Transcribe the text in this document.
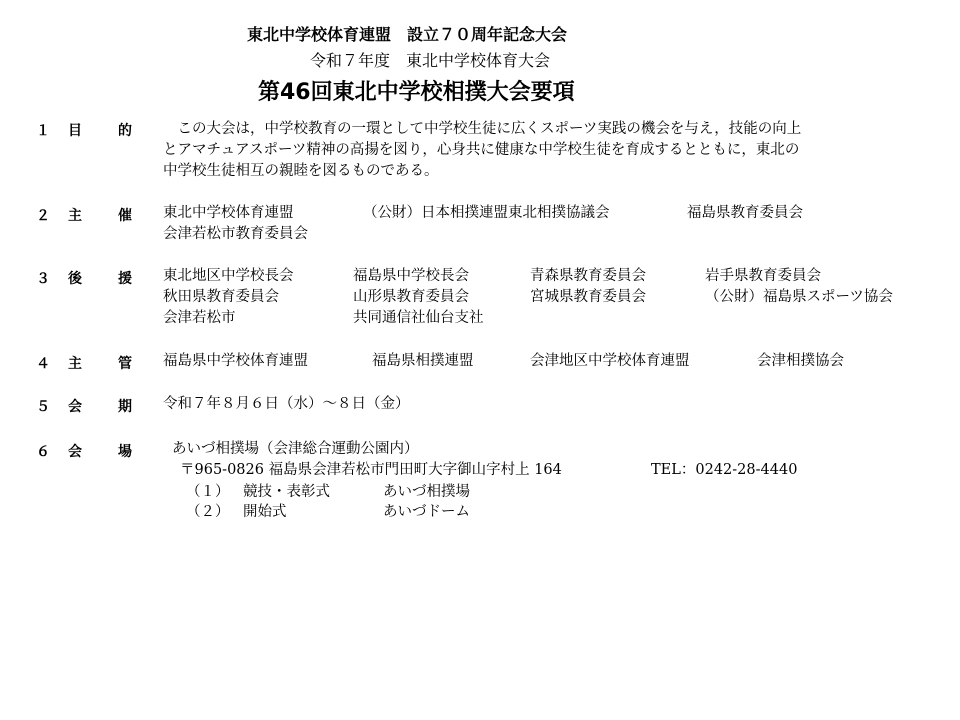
東北中学校体育連盟　設立７０周年記念大会
令和７年度　東北中学校体育大会
第46回東北中学校相撲大会要項
１ 目	的 　この大会は，中学校教育の一環として中学校生徒に広くスポーツ実践の機会を与え，技能の向上
とアマチュアスポーツ精神の高揚を図り，心身共に健康な中学校生徒を育成するとともに，東北の
中学校生徒相互の親睦を図るものである。
２ 主	催 東北中学校体育連盟	（公財）日本相撲連盟東北相撲協議会	福島県教育委員会
会津若松市教育委員会
３ 後	援 東北地区中学校長会	福島県中学校長会	青森県教育委員会	岩手県教育委員会
秋田県教育委員会	山形県教育委員会	宮城県教育委員会	（公財）福島県スポーツ協会
会津若松市	共同通信社仙台支社
４ 主	管 福島県中学校体育連盟	福島県相撲連盟	会津地区中学校体育連盟	会津相撲協会
５ 会	期 令和７年８月６日（水）～８日（金）
６ 会	場	あいづ相撲場（会津総合運動公園内）
〒965-0826 福島県会津若松市門田町大字御山字村上 164	TEL：0242-28-4440
（１） 競技・表彰式	あいづ相撲場
（２） 開始式	あいづドーム
